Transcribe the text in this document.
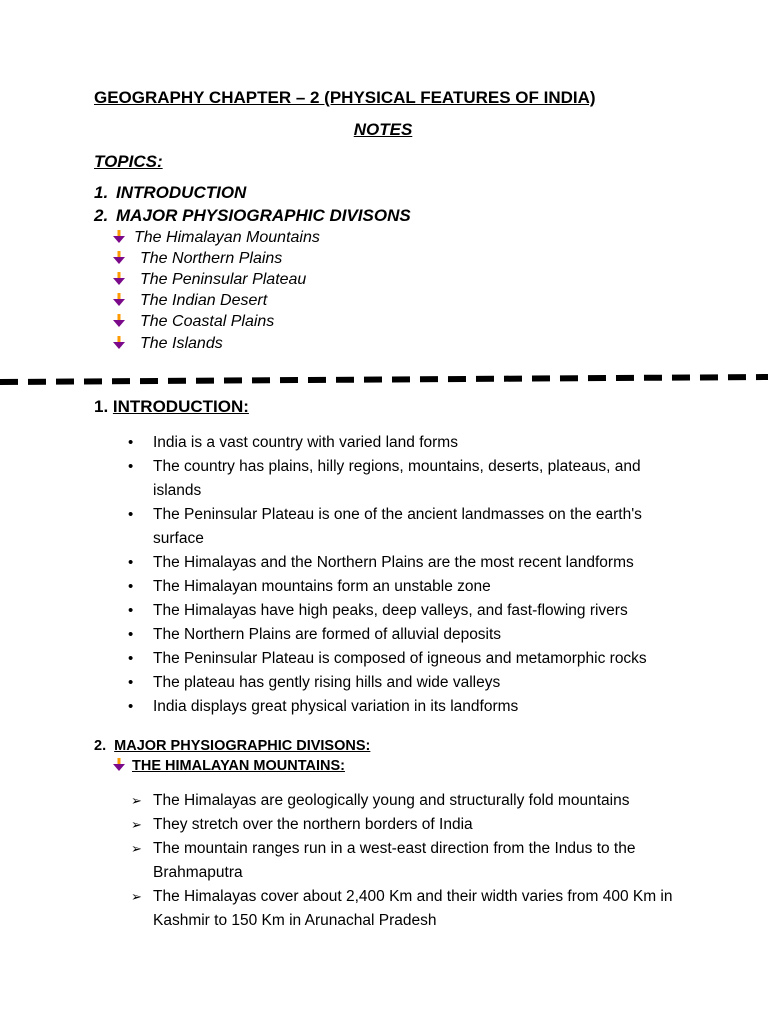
GEOGRAPHY CHAPTER – 2 (PHYSICAL FEATURES OF INDIA)
NOTES
TOPICS:
1. INTRODUCTION
2. MAJOR PHYSIOGRAPHIC DIVISONS
The Himalayan Mountains
The Northern Plains
The Peninsular Plateau
The Indian Desert
The Coastal Plains
The Islands
1. INTRODUCTION:
• India is a vast country with varied land forms
• The country has plains, hilly regions, mountains, deserts, plateaus, and islands
• The Peninsular Plateau is one of the ancient landmasses on the earth's surface
• The Himalayas and the Northern Plains are the most recent landforms
• The Himalayan mountains form an unstable zone
• The Himalayas have high peaks, deep valleys, and fast-flowing rivers
• The Northern Plains are formed of alluvial deposits
• The Peninsular Plateau is composed of igneous and metamorphic rocks
• The plateau has gently rising hills and wide valleys
• India displays great physical variation in its landforms
2. MAJOR PHYSIOGRAPHIC DIVISONS:
THE HIMALAYAN MOUNTAINS:
➢ The Himalayas are geologically young and structurally fold mountains
➢ They stretch over the northern borders of India
➢ The mountain ranges run in a west-east direction from the Indus to the Brahmaputra
➢ The Himalayas cover about 2,400 Km and their width varies from 400 Km in Kashmir to 150 Km in Arunachal Pradesh
